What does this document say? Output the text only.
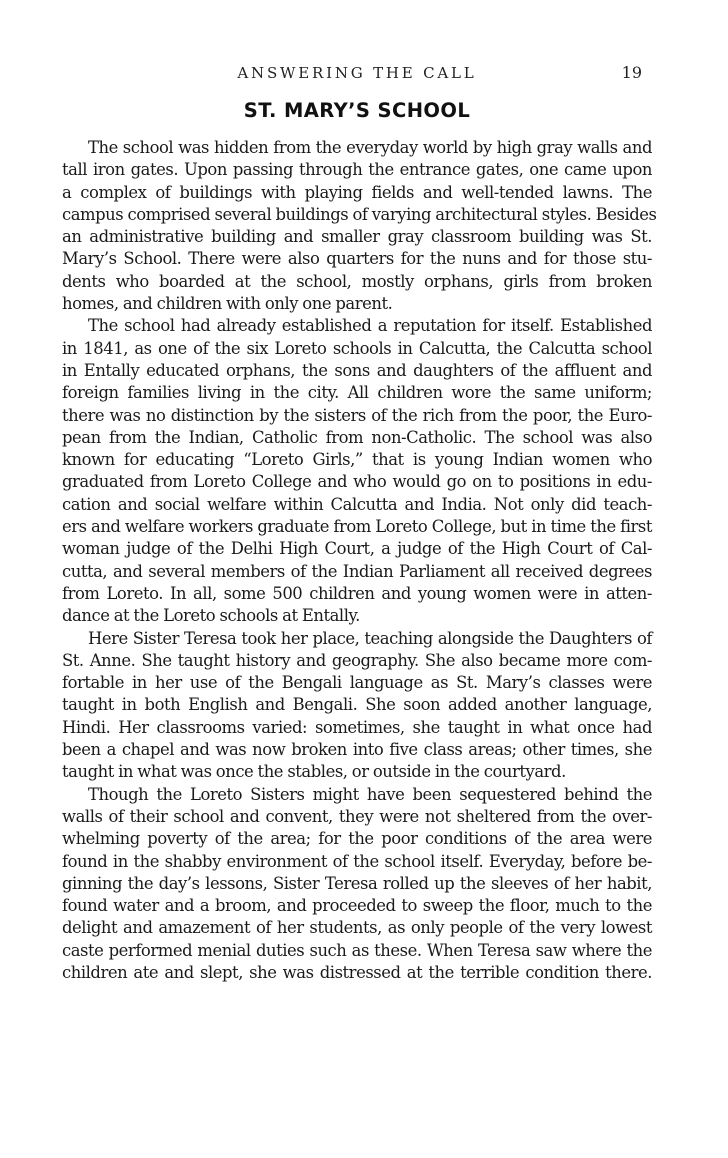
ANSWERING THE CALL	19
ST. MARY’S SCHOOL
The school was hidden from the everyday world by high gray walls and
tall iron gates. Upon passing through the entrance gates, one came upon
a complex of buildings with playing fields and well-tended lawns. The
campus comprised several buildings of varying architectural styles. Besides
an administrative building and smaller gray classroom building was St.
Mary’s School. There were also quarters for the nuns and for those stu-
dents who boarded at the school, mostly orphans, girls from broken
homes, and children with only one parent.
The school had already established a reputation for itself. Established
in 1841, as one of the six Loreto schools in Calcutta, the Calcutta school
in Entally educated orphans, the sons and daughters of the affluent and
foreign families living in the city. All children wore the same uniform;
there was no distinction by the sisters of the rich from the poor, the Euro-
pean from the Indian, Catholic from non-Catholic. The school was also
known for educating “Loreto Girls,” that is young Indian women who
graduated from Loreto College and who would go on to positions in edu-
cation and social welfare within Calcutta and India. Not only did teach-
ers and welfare workers graduate from Loreto College, but in time the first
woman judge of the Delhi High Court, a judge of the High Court of Cal-
cutta, and several members of the Indian Parliament all received degrees
from Loreto. In all, some 500 children and young women were in atten-
dance at the Loreto schools at Entally.
Here Sister Teresa took her place, teaching alongside the Daughters of
St. Anne. She taught history and geography. She also became more com-
fortable in her use of the Bengali language as St. Mary’s classes were
taught in both English and Bengali. She soon added another language,
Hindi. Her classrooms varied: sometimes, she taught in what once had
been a chapel and was now broken into five class areas; other times, she
taught in what was once the stables, or outside in the courtyard.
Though the Loreto Sisters might have been sequestered behind the
walls of their school and convent, they were not sheltered from the over-
whelming poverty of the area; for the poor conditions of the area were
found in the shabby environment of the school itself. Everyday, before be-
ginning the day’s lessons, Sister Teresa rolled up the sleeves of her habit,
found water and a broom, and proceeded to sweep the floor, much to the
delight and amazement of her students, as only people of the very lowest
caste performed menial duties such as these. When Teresa saw where the
children ate and slept, she was distressed at the terrible condition there.
